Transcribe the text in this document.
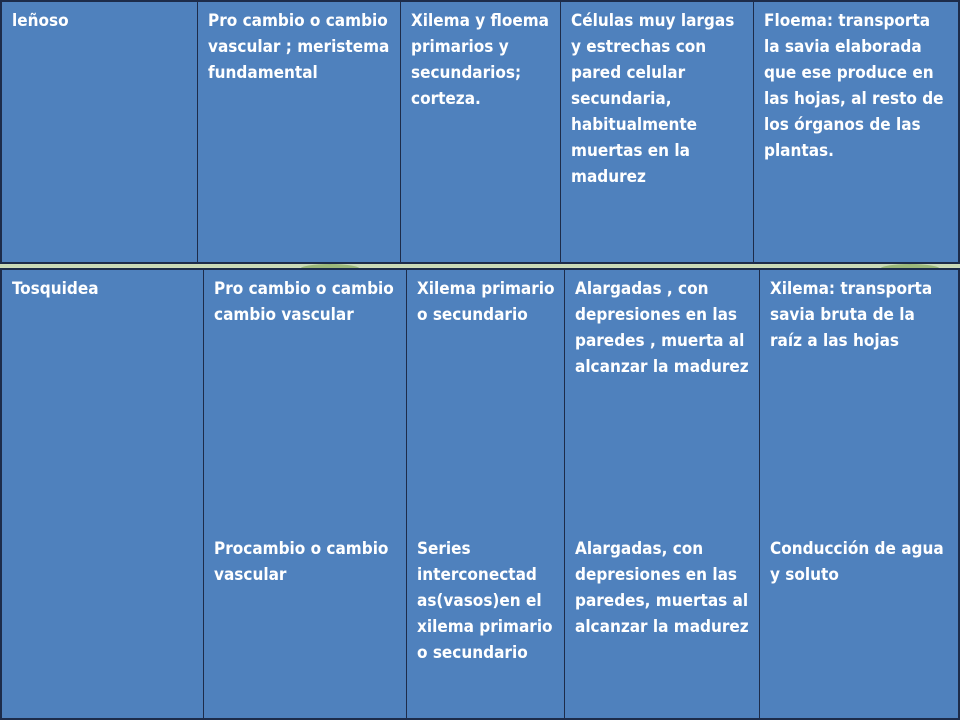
leñoso	Pro cambio o cambio vascular ; meristema fundamental
Xilema y floema primarios y secundarios; corteza.
Células muy largas y estrechas con pared celular secundaria, habitualmente muertas en la madurez
Floema: transporta la savia elaborada que ese produce en las hojas, al resto de los órganos de las plantas.
Tosquidea	Pro cambio o cambio cambio vascular
Procambio o cambio vascular
Xilema primario o secundario
Series interconectad as(vasos)en el xilema primario o secundario
Alargadas , con depresiones en las paredes , muerta al alcanzar la madurez
Alargadas, con depresiones en las paredes, muertas al alcanzar la madurez
Xilema: transporta savia bruta de la raíz a las hojas
Conducción de agua y soluto
